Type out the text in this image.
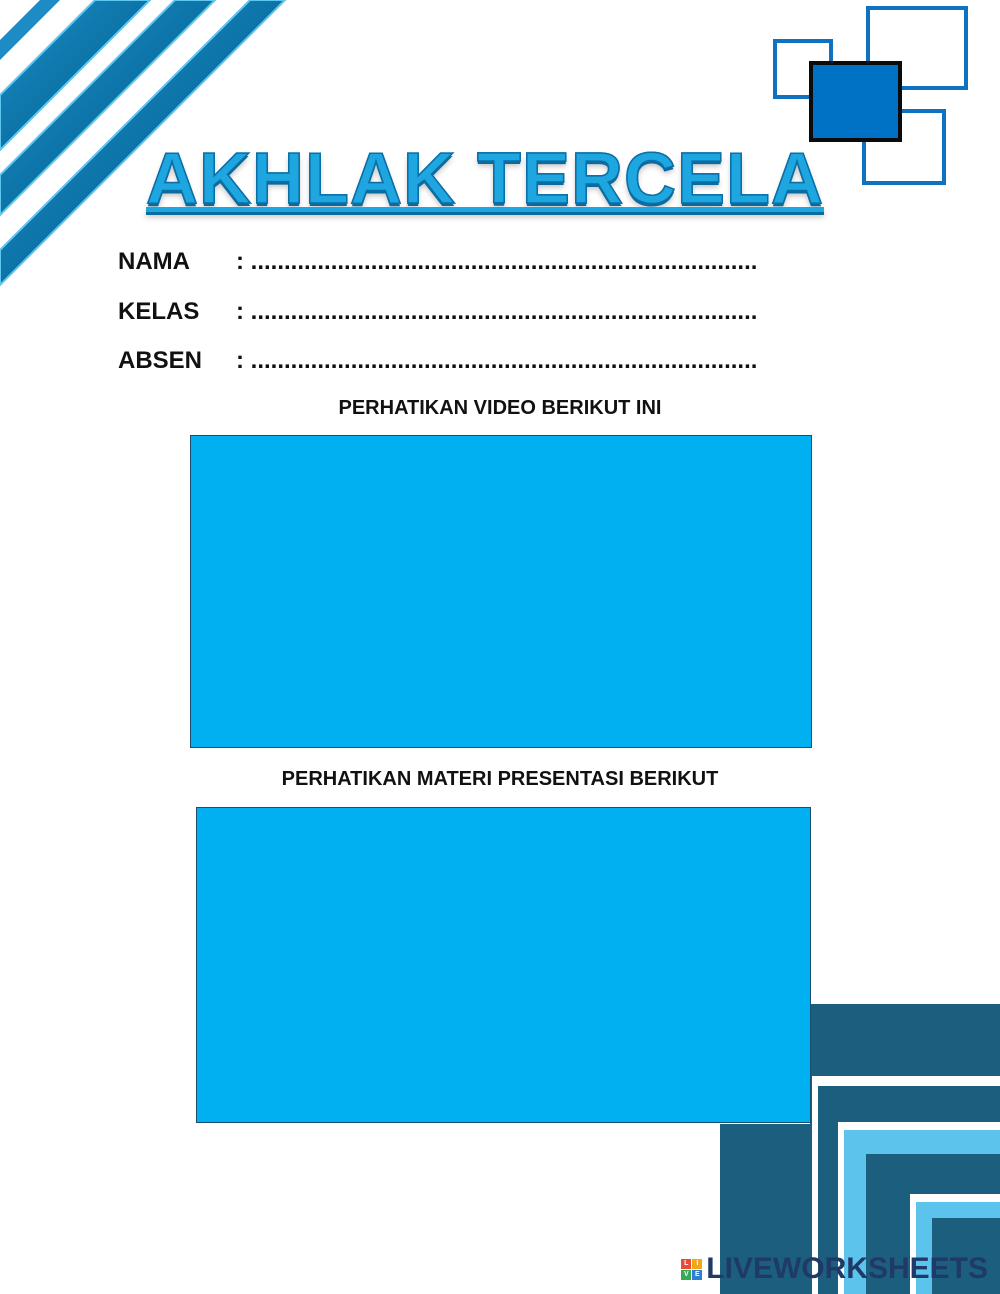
AKHLAK TERCELA
NAMA : ............................................................................
KELAS : ............................................................................
ABSEN : ............................................................................
PERHATIKAN VIDEO BERIKUT INI
PERHATIKAN MATERI PRESENTASI BERIKUT
L	I
V E LIVEWORKSHEETS
